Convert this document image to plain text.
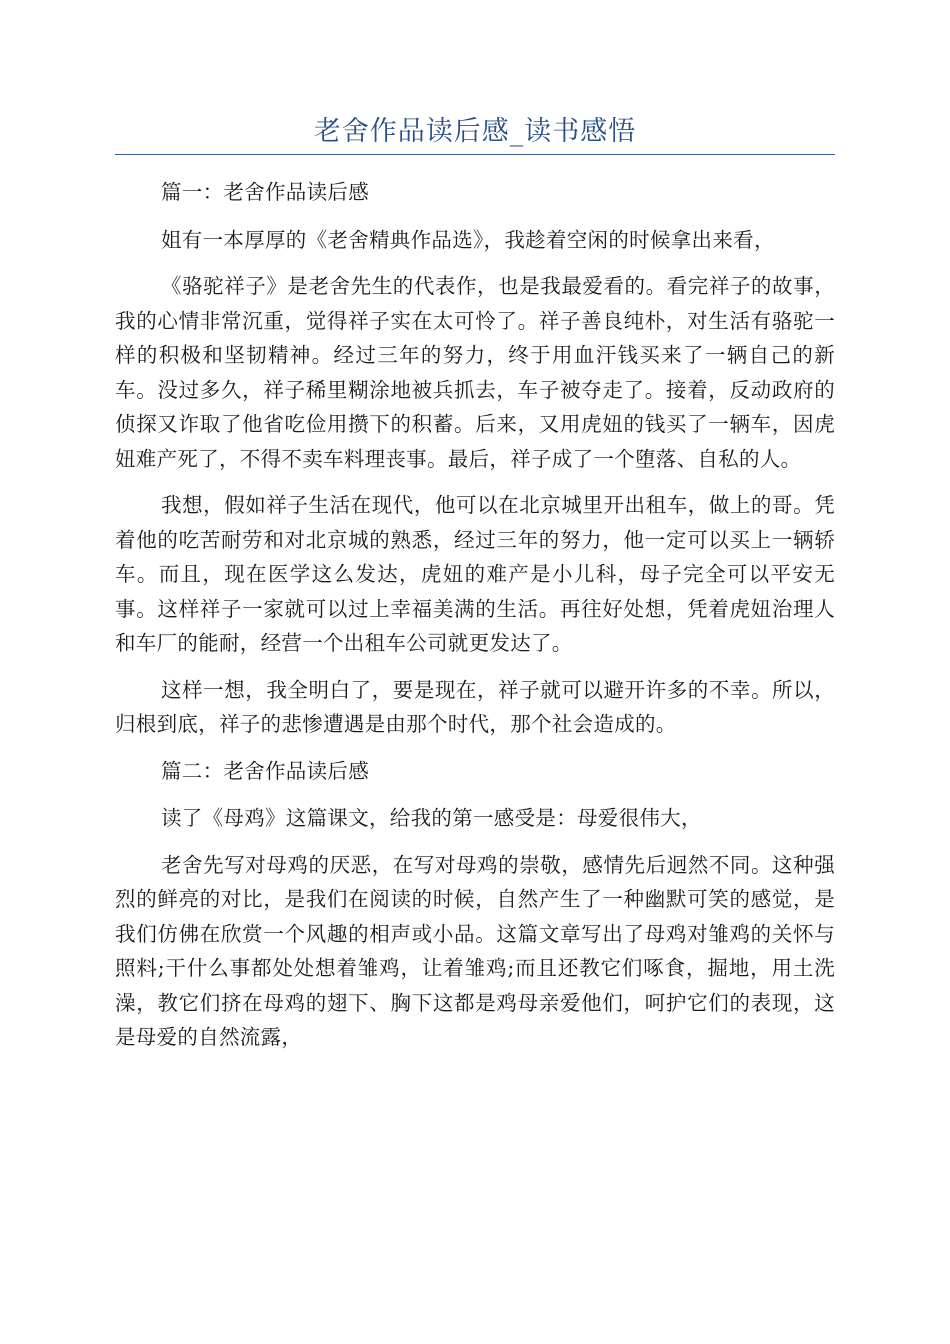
老舍作品读后感_读书感悟

篇一：老舍作品读后感

姐有一本厚厚的《老舍精典作品选》，我趁着空闲的时候拿出来看，

《骆驼祥子》是老舍先生的代表作，也是我最爱看的。看完祥子的故事，我的心情非常沉重，觉得祥子实在太可怜了。祥子善良纯朴，对生活有骆驼一样的积极和坚韧精神。经过三年的努力，终于用血汗钱买来了一辆自己的新车。没过多久，祥子稀里糊涂地被兵抓去，车子被夺走了。接着，反动政府的侦探又诈取了他省吃俭用攒下的积蓄。后来，又用虎妞的钱买了一辆车，因虎妞难产死了，不得不卖车料理丧事。最后，祥子成了一个堕落、自私的人。

我想，假如祥子生活在现代，他可以在北京城里开出租车，做上的哥。凭着他的吃苦耐劳和对北京城的熟悉，经过三年的努力，他一定可以买上一辆轿车。而且，现在医学这么发达，虎妞的难产是小儿科，母子完全可以平安无事。这样祥子一家就可以过上幸福美满的生活。再往好处想，凭着虎妞治理人和车厂的能耐，经营一个出租车公司就更发达了。

这样一想，我全明白了，要是现在，祥子就可以避开许多的不幸。所以，归根到底，祥子的悲惨遭遇是由那个时代，那个社会造成的。

篇二：老舍作品读后感

读了《母鸡》这篇课文，给我的第一感受是：母爱很伟大，

老舍先写对母鸡的厌恶，在写对母鸡的崇敬，感情先后迥然不同。这种强烈的鲜亮的对比，是我们在阅读的时候，自然产生了一种幽默可笑的感觉，是我们仿佛在欣赏一个风趣的相声或小品。这篇文章写出了母鸡对雏鸡的关怀与照料;干什么事都处处想着雏鸡，让着雏鸡;而且还教它们啄食，掘地，用土洗澡，教它们挤在母鸡的翅下、胸下这都是鸡母亲爱他们，呵护它们的表现，这是母爱的自然流露，
